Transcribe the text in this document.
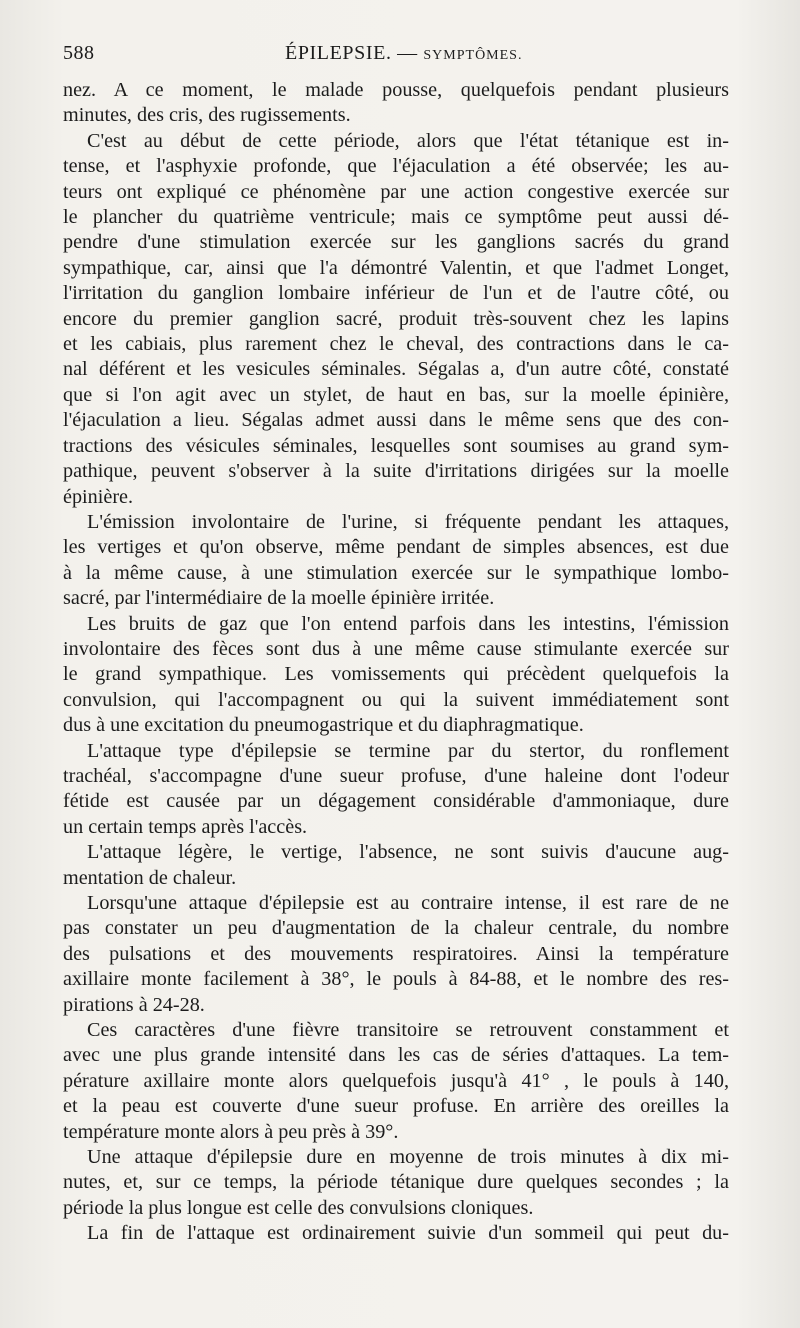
588	ÉPILEPSIE. — SYMPTÔMES.
nez. A ce moment, le malade pousse, quelquefois pendant plusieurs
minutes, des cris, des rugissements.
C'est au début de cette période, alors que l'état tétanique est in-
tense, et l'asphyxie profonde, que l'éjaculation a été observée; les au-
teurs ont expliqué ce phénomène par une action congestive exercée sur
le plancher du quatrième ventricule; mais ce symptôme peut aussi dé-
pendre d'une stimulation exercée sur les ganglions sacrés du grand
sympathique, car, ainsi que l'a démontré Valentin, et que l'admet Longet,
l'irritation du ganglion lombaire inférieur de l'un et de l'autre côté, ou
encore du premier ganglion sacré, produit très-souvent chez les lapins
et les cabiais, plus rarement chez le cheval, des contractions dans le ca-
nal déférent et les vesicules séminales. Ségalas a, d'un autre côté, constaté
que si l'on agit avec un stylet, de haut en bas, sur la moelle épinière,
l'éjaculation a lieu. Ségalas admet aussi dans le même sens que des con-
tractions des vésicules séminales, lesquelles sont soumises au grand sym-
pathique, peuvent s'observer à la suite d'irritations dirigées sur la moelle
épinière.
L'émission involontaire de l'urine, si fréquente pendant les attaques,
les vertiges et qu'on observe, même pendant de simples absences, est due
à la même cause, à une stimulation exercée sur le sympathique lombo-
sacré, par l'intermédiaire de la moelle épinière irritée.
Les bruits de gaz que l'on entend parfois dans les intestins, l'émission
involontaire des fèces sont dus à une même cause stimulante exercée sur
le grand sympathique. Les vomissements qui précèdent quelquefois la
convulsion, qui l'accompagnent ou qui la suivent immédiatement sont
dus à une excitation du pneumogastrique et du diaphragmatique.
L'attaque type d'épilepsie se termine par du stertor, du ronflement
trachéal, s'accompagne d'une sueur profuse, d'une haleine dont l'odeur
fétide est causée par un dégagement considérable d'ammoniaque, dure
un certain temps après l'accès.
L'attaque légère, le vertige, l'absence, ne sont suivis d'aucune aug-
mentation de chaleur.
Lorsqu'une attaque d'épilepsie est au contraire intense, il est rare de ne
pas constater un peu d'augmentation de la chaleur centrale, du nombre
des pulsations et des mouvements respiratoires. Ainsi la température
axillaire monte facilement à 38°, le pouls à 84-88, et le nombre des res-
pirations à 24-28.
Ces caractères d'une fièvre transitoire se retrouvent constamment et
avec une plus grande intensité dans les cas de séries d'attaques. La tem-
pérature axillaire monte alors quelquefois jusqu'à 41° , le pouls à 140,
et la peau est couverte d'une sueur profuse. En arrière des oreilles la
température monte alors à peu près à 39°.
Une attaque d'épilepsie dure en moyenne de trois minutes à dix mi-
nutes, et, sur ce temps, la période tétanique dure quelques secondes ; la
période la plus longue est celle des convulsions cloniques.
La fin de l'attaque est ordinairement suivie d'un sommeil qui peut du-
